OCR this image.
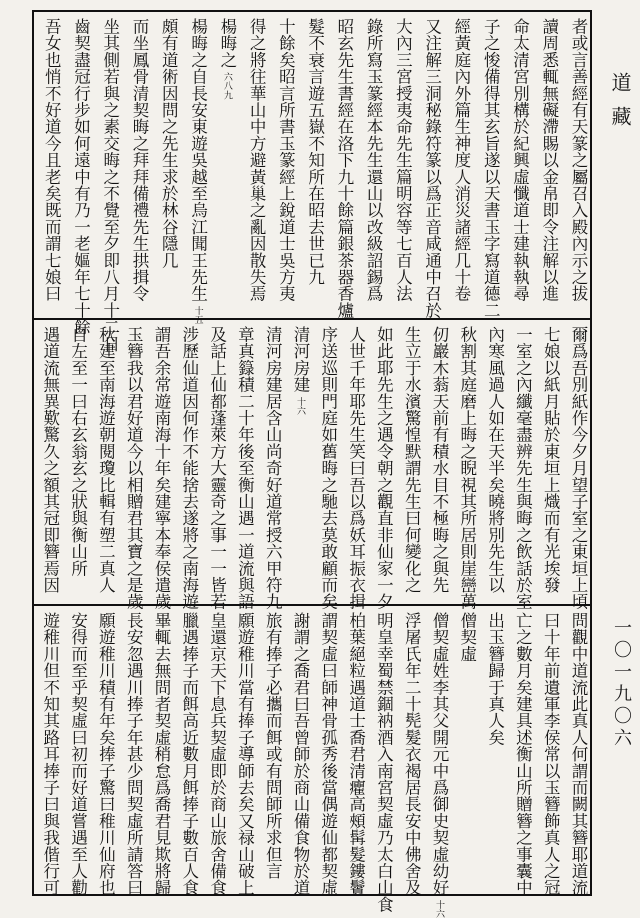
者或言善經有天篆之屬召入殿內示之拔
讀周悉輒無礙滯賜以金帛即令注解以進
命太清宮別構於紀興虛懺道士建執執尋
子之悛備得其玄旨遂以天書玉字寫道德二
經黃庭內外篇生神度人消災諸經几十卷
又注解三洞秘錄符篆以爲正音咸通中召於
大內三宮授夷命先生篇明容等七百人法
錄所寫玉篆經本先生還山以改級詔錫爲
昭玄先生書經在洛下九十餘篇銀茶器香爐
髮不衰言遊五嶽不知所在昭去世已九
十餘矣昭言所書玉篆經上銳道士吳方夷
得之將往華山中方避黃巢之亂因散失焉
楊晦之六八九
楊晦之自長安東遊吳越至烏江聞王先生十五
頗有道術因問之先生求於林谷隱几
而坐鳳骨清契晦之拜拜備禮先生拱揖令
坐其側若與之素交晦之不覺至夕即八月十二日
齒契盡冠行步如何遠中有乃一老嫗年七十餘
吾女也悄不好道今且老矣既而謂七娘曰
爾爲吾別紙作今夕月望子室之東垣上頃
七娘以紙月貼於東垣上熾而有光埃發
一室之內纖毫盡辨先生與晦之飲話於室
內寒風過人如在天半矣曉將別先生以
秋割其庭磨上晦之睨視其所居則崖巒萬
仞巖木蓊天前有積水目不極晦之與先
生立于水濱驚惶默謂先生曰何變化之
如此耶先生之遇令朝之觀直非仙家一夕
人世千年耶先生笑曰吾以爲妖耳振衣揖
序送巡則門庭如舊晦之馳去莫敢顧而矣
清河房建十六
清河房建居含山尚奇好道常授六甲符九
章真籙積二十年後至衡山遇一道流與語
及話上仙都蓬萊方大靈奇之事一一皆若
涉歷仙道因何作不能捨去遂將之南海遊
謂吾余常遊南海十年矣建寧本奉侯遣歲
玉簪我以君好道今以相贈君其寶之是歲
秋建至南海遊朝閱瓊比輯有塑二真人
自左至一曰右玄翁玄之狀與衡山所
遇道流無異歎驚久之額其冠即簪焉因
問觀中道流此真人何謂而闕其簪耶道流
曰十年前遺軍李侯常以玉簪飾真人之冠
亡之數月矣建具述衡山所贈簪之事囊中
出玉簪歸于真人矣
僧契虛
僧契虛姓李其父開元中爲御史契虛幼好十六
浮屠氏年二十髡髮衣褐居長安中佛舍及
明皇幸蜀禁錮衲酒入南宮契虛乃太白山食
柏葉絕粒遇道士喬君清癯高頰髯髮鏤鬢
謂契虛曰師神骨孤秀後當偶遊仙都契虛
謝謂之喬君曰吾曾師於商山備食物於道
旅有捧子必攜而餌或有問師所求但言
願遊稚川當有捧子導師去矣又禄山破上
皇還京天下息兵契虛即於商山旅舍備食
臘遇捧子而餌高近數月餌捧子數百人食
畢輒去無問者契虛稍怠爲喬君見欺將歸
長安忽遇川捧子年甚少問契虛所請答曰
願遊稚川積有年矣捧子驚曰稚川仙府也
安得而至乎契虛曰初而好道嘗遇至人勸
遊稚川但不知其路耳捧子曰與我偕行可
道藏
一〇一九〇六
